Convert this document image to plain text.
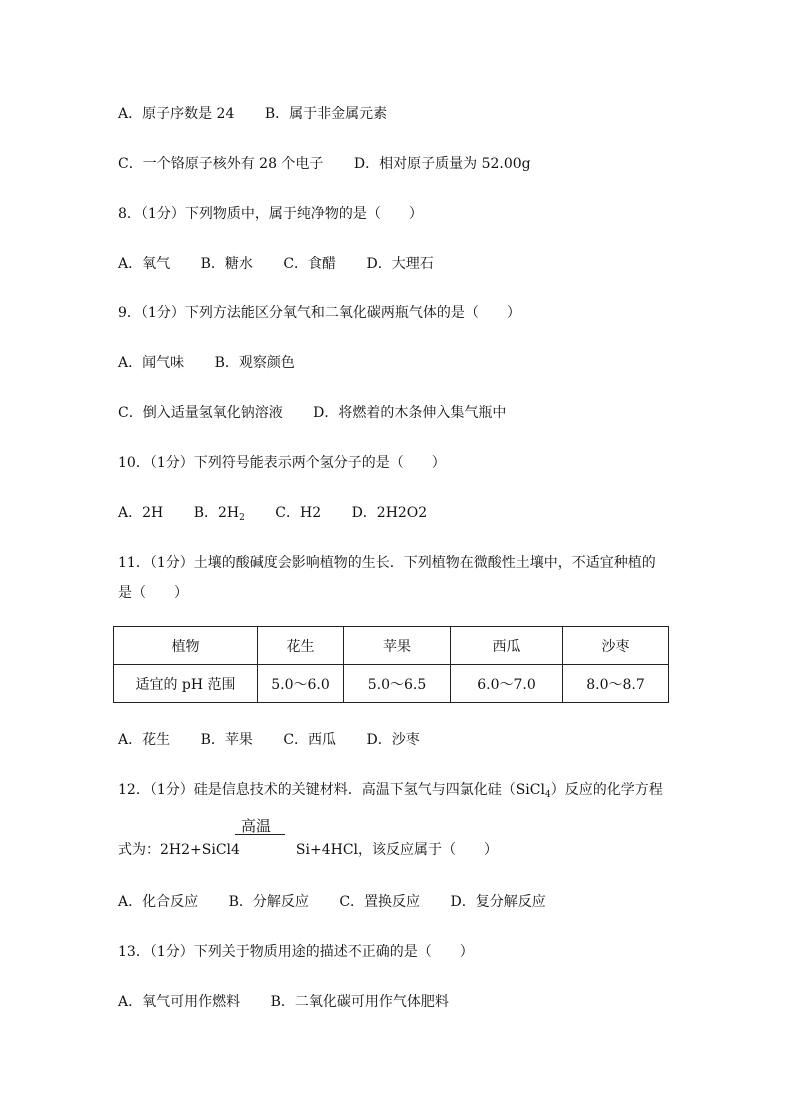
A．原子序数是 24 B．属于非金属元素
C．一个铬原子核外有 28 个电子 D．相对原子质量为 52.00g
8．（1分）下列物质中，属于纯净物的是（　　）
A．氧气 B．糖水 C．食醋 D．大理石
9．（1分）下列方法能区分氧气和二氧化碳两瓶气体的是（　　）
A．闻气味 B．观察颜色
C．倒入适量氢氧化钠溶液 D．将燃着的木条伸入集气瓶中
10．（1分）下列符号能表示两个氢分子的是（　　）
A．2H B．$2H_2$ C．H2 D．2H2O2
11．（1分）土壤的酸碱度会影响植物的生长．下列植物在微酸性土壤中，不适宜种植的
是（　　）
植物	花生	苹果	西瓜	沙枣
适宜的 pH 范围	5.0～6.0	5.0～6.5	6.0～7.0	8.0～8.7
A．花生 B．苹果 C．西瓜 D．沙枣
12．（1分）硅是信息技术的关键材料．高温下氢气与四氯化硅（SiCl$_4$）反应的化学方程
高温
式为：2H2+SiCl4	Si+4HCl，该反应属于（　　）
A．化合反应 B．分解反应 C．置换反应 D．复分解反应
13．（1分）下列关于物质用途的描述不正确的是（　　）
A．氧气可用作燃料 B．二氧化碳可用作气体肥料
